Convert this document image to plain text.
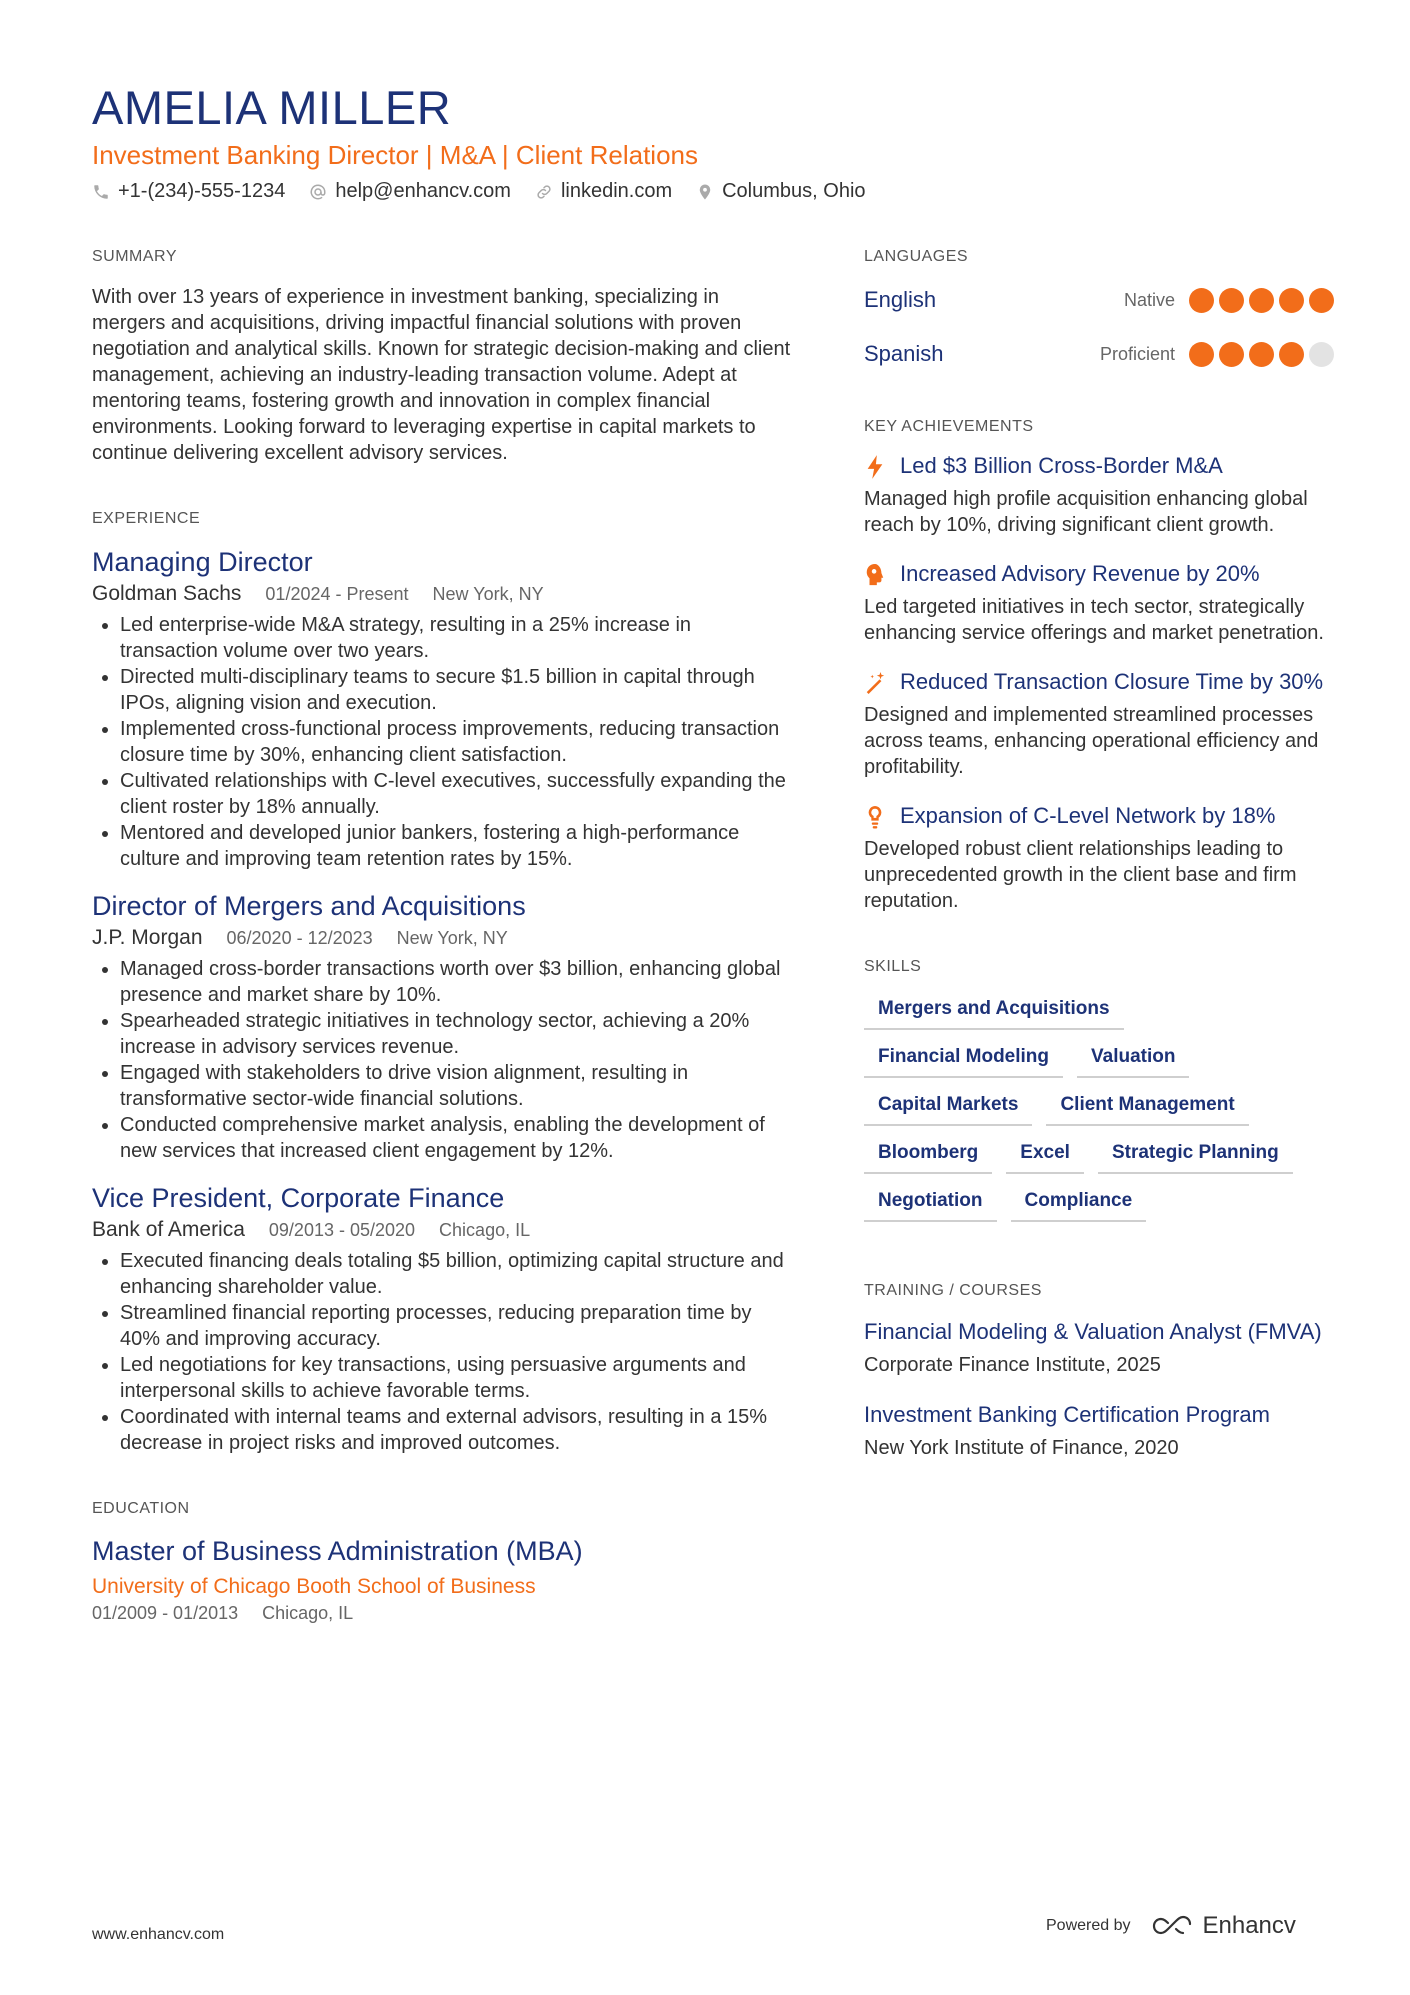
AMELIA MILLER
Investment Banking Director | M&A | Client Relations
+1-(234)-555-1234	help@enhancv.com	linkedin.com	Columbus, Ohio
SUMMARY
With over 13 years of experience in investment banking, specializing in mergers and acquisitions, driving impactful financial solutions with proven negotiation and analytical skills. Known for strategic decision-making and client management, achieving an industry-leading transaction volume. Adept at mentoring teams, fostering growth and innovation in complex financial environments. Looking forward to leveraging expertise in capital markets to continue delivering excellent advisory services.
EXPERIENCE
Managing Director
Goldman Sachs 01/2024 - Present New York, NY
• Led enterprise-wide M&A strategy, resulting in a 25% increase in transaction volume over two years.
• Directed multi-disciplinary teams to secure $1.5 billion in capital through IPOs, aligning vision and execution.
• Implemented cross-functional process improvements, reducing transaction closure time by 30%, enhancing client satisfaction.
• Cultivated relationships with C-level executives, successfully expanding the client roster by 18% annually.
• Mentored and developed junior bankers, fostering a high-performance culture and improving team retention rates by 15%.
Director of Mergers and Acquisitions
J.P. Morgan 06/2020 - 12/2023 New York, NY
• Managed cross-border transactions worth over $3 billion, enhancing global presence and market share by 10%.
• Spearheaded strategic initiatives in technology sector, achieving a 20% increase in advisory services revenue.
• Engaged with stakeholders to drive vision alignment, resulting in transformative sector-wide financial solutions.
• Conducted comprehensive market analysis, enabling the development of new services that increased client engagement by 12%.
Vice President, Corporate Finance
Bank of America 09/2013 - 05/2020 Chicago, IL
• Executed financing deals totaling $5 billion, optimizing capital structure and enhancing shareholder value.
• Streamlined financial reporting processes, reducing preparation time by 40% and improving accuracy.
• Led negotiations for key transactions, using persuasive arguments and interpersonal skills to achieve favorable terms.
• Coordinated with internal teams and external advisors, resulting in a 15% decrease in project risks and improved outcomes.
EDUCATION
Master of Business Administration (MBA)
University of Chicago Booth School of Business
01/2009 - 01/2013 Chicago, IL
LANGUAGES
English	Native
Spanish	Proficient
KEY ACHIEVEMENTS
Led $3 Billion Cross-Border M&A
Managed high profile acquisition enhancing global reach by 10%, driving significant client growth.
Increased Advisory Revenue by 20%
Led targeted initiatives in tech sector, strategically enhancing service offerings and market penetration.
Reduced Transaction Closure Time by 30%
Designed and implemented streamlined processes across teams, enhancing operational efficiency and profitability.
Expansion of C-Level Network by 18%
Developed robust client relationships leading to unprecedented growth in the client base and firm reputation.
SKILLS
Mergers and Acquisitions
Financial Modeling	Valuation
Capital Markets	Client Management
Bloomberg	Excel	Strategic Planning
Negotiation	Compliance
TRAINING / COURSES
Financial Modeling & Valuation Analyst (FMVA)
Corporate Finance Institute, 2025
Investment Banking Certification Program
New York Institute of Finance, 2020
www.enhancv.com
Powered by	Enhancv
